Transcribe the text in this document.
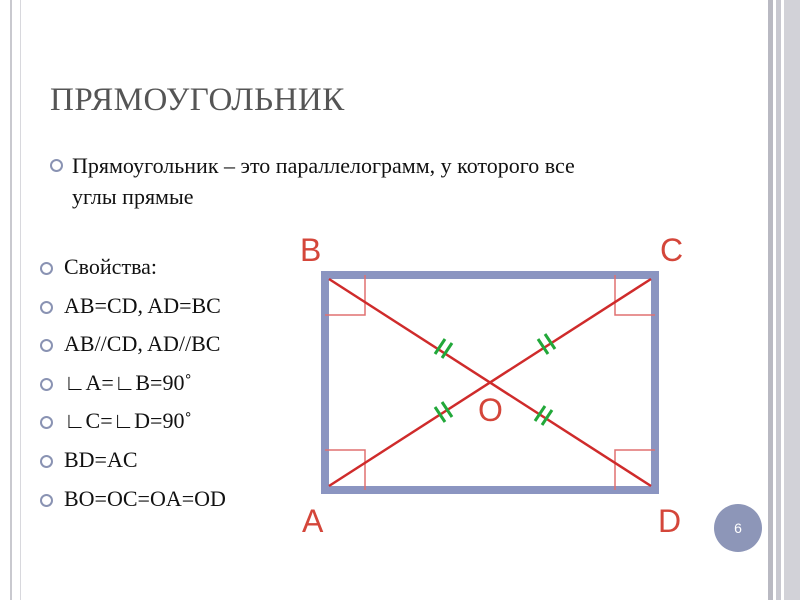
ПРЯМОУГОЛЬНИК
Прямоугольник – это параллелограмм, у которого все углы прямые
Свойства:
AB=CD, AD=BC
AB//CD, AD//BC
∟A=∟B=90˚
∟C=∟D=90˚
BD=AC
BO=OC=OA=OD
B	C
A	D
O
6
